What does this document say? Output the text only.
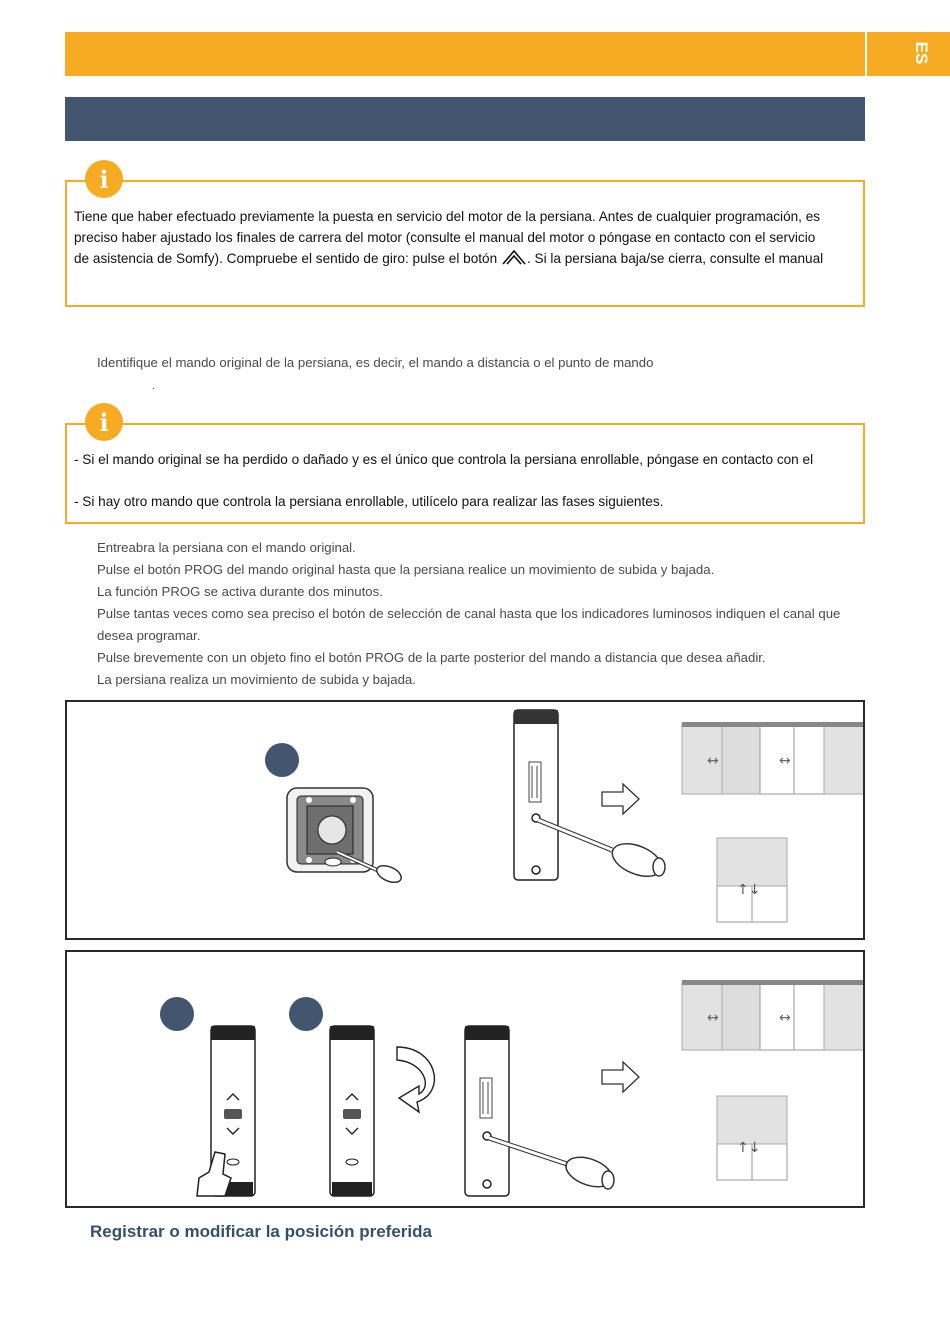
ES
i
Tiene que haber efectuado previamente la puesta en servicio del motor de la persiana. Antes de cualquier programación, es
preciso haber ajustado los finales de carrera del motor (consulte el manual del motor o póngase en contacto con el servicio
de asistencia de Somfy). Compruebe el sentido de giro: pulse el botón . Si la persiana baja/se cierra, consulte el manual
Identifique el mando original de la persiana, es decir, el mando a distancia o el punto de mando
.
i
- Si el mando original se ha perdido o dañado y es el único que controla la persiana enrollable, póngase en contacto con el
- Si hay otro mando que controla la persiana enrollable, utilícelo para realizar las fases siguientes.
Entreabra la persiana con el mando original.
Pulse el botón PROG del mando original hasta que la persiana realice un movimiento de subida y bajada.
La función PROG se activa durante dos minutos.
Pulse tantas veces como sea preciso el botón de selección de canal hasta que los indicadores luminosos indiquen el canal que
desea programar.
Pulse brevemente con un objeto fino el botón PROG de la parte posterior del mando a distancia que desea añadir.
La persiana realiza un movimiento de subida y bajada.
↔	↔
↑↓
↔	↔
↑↓
Registrar o modificar la posición preferida
